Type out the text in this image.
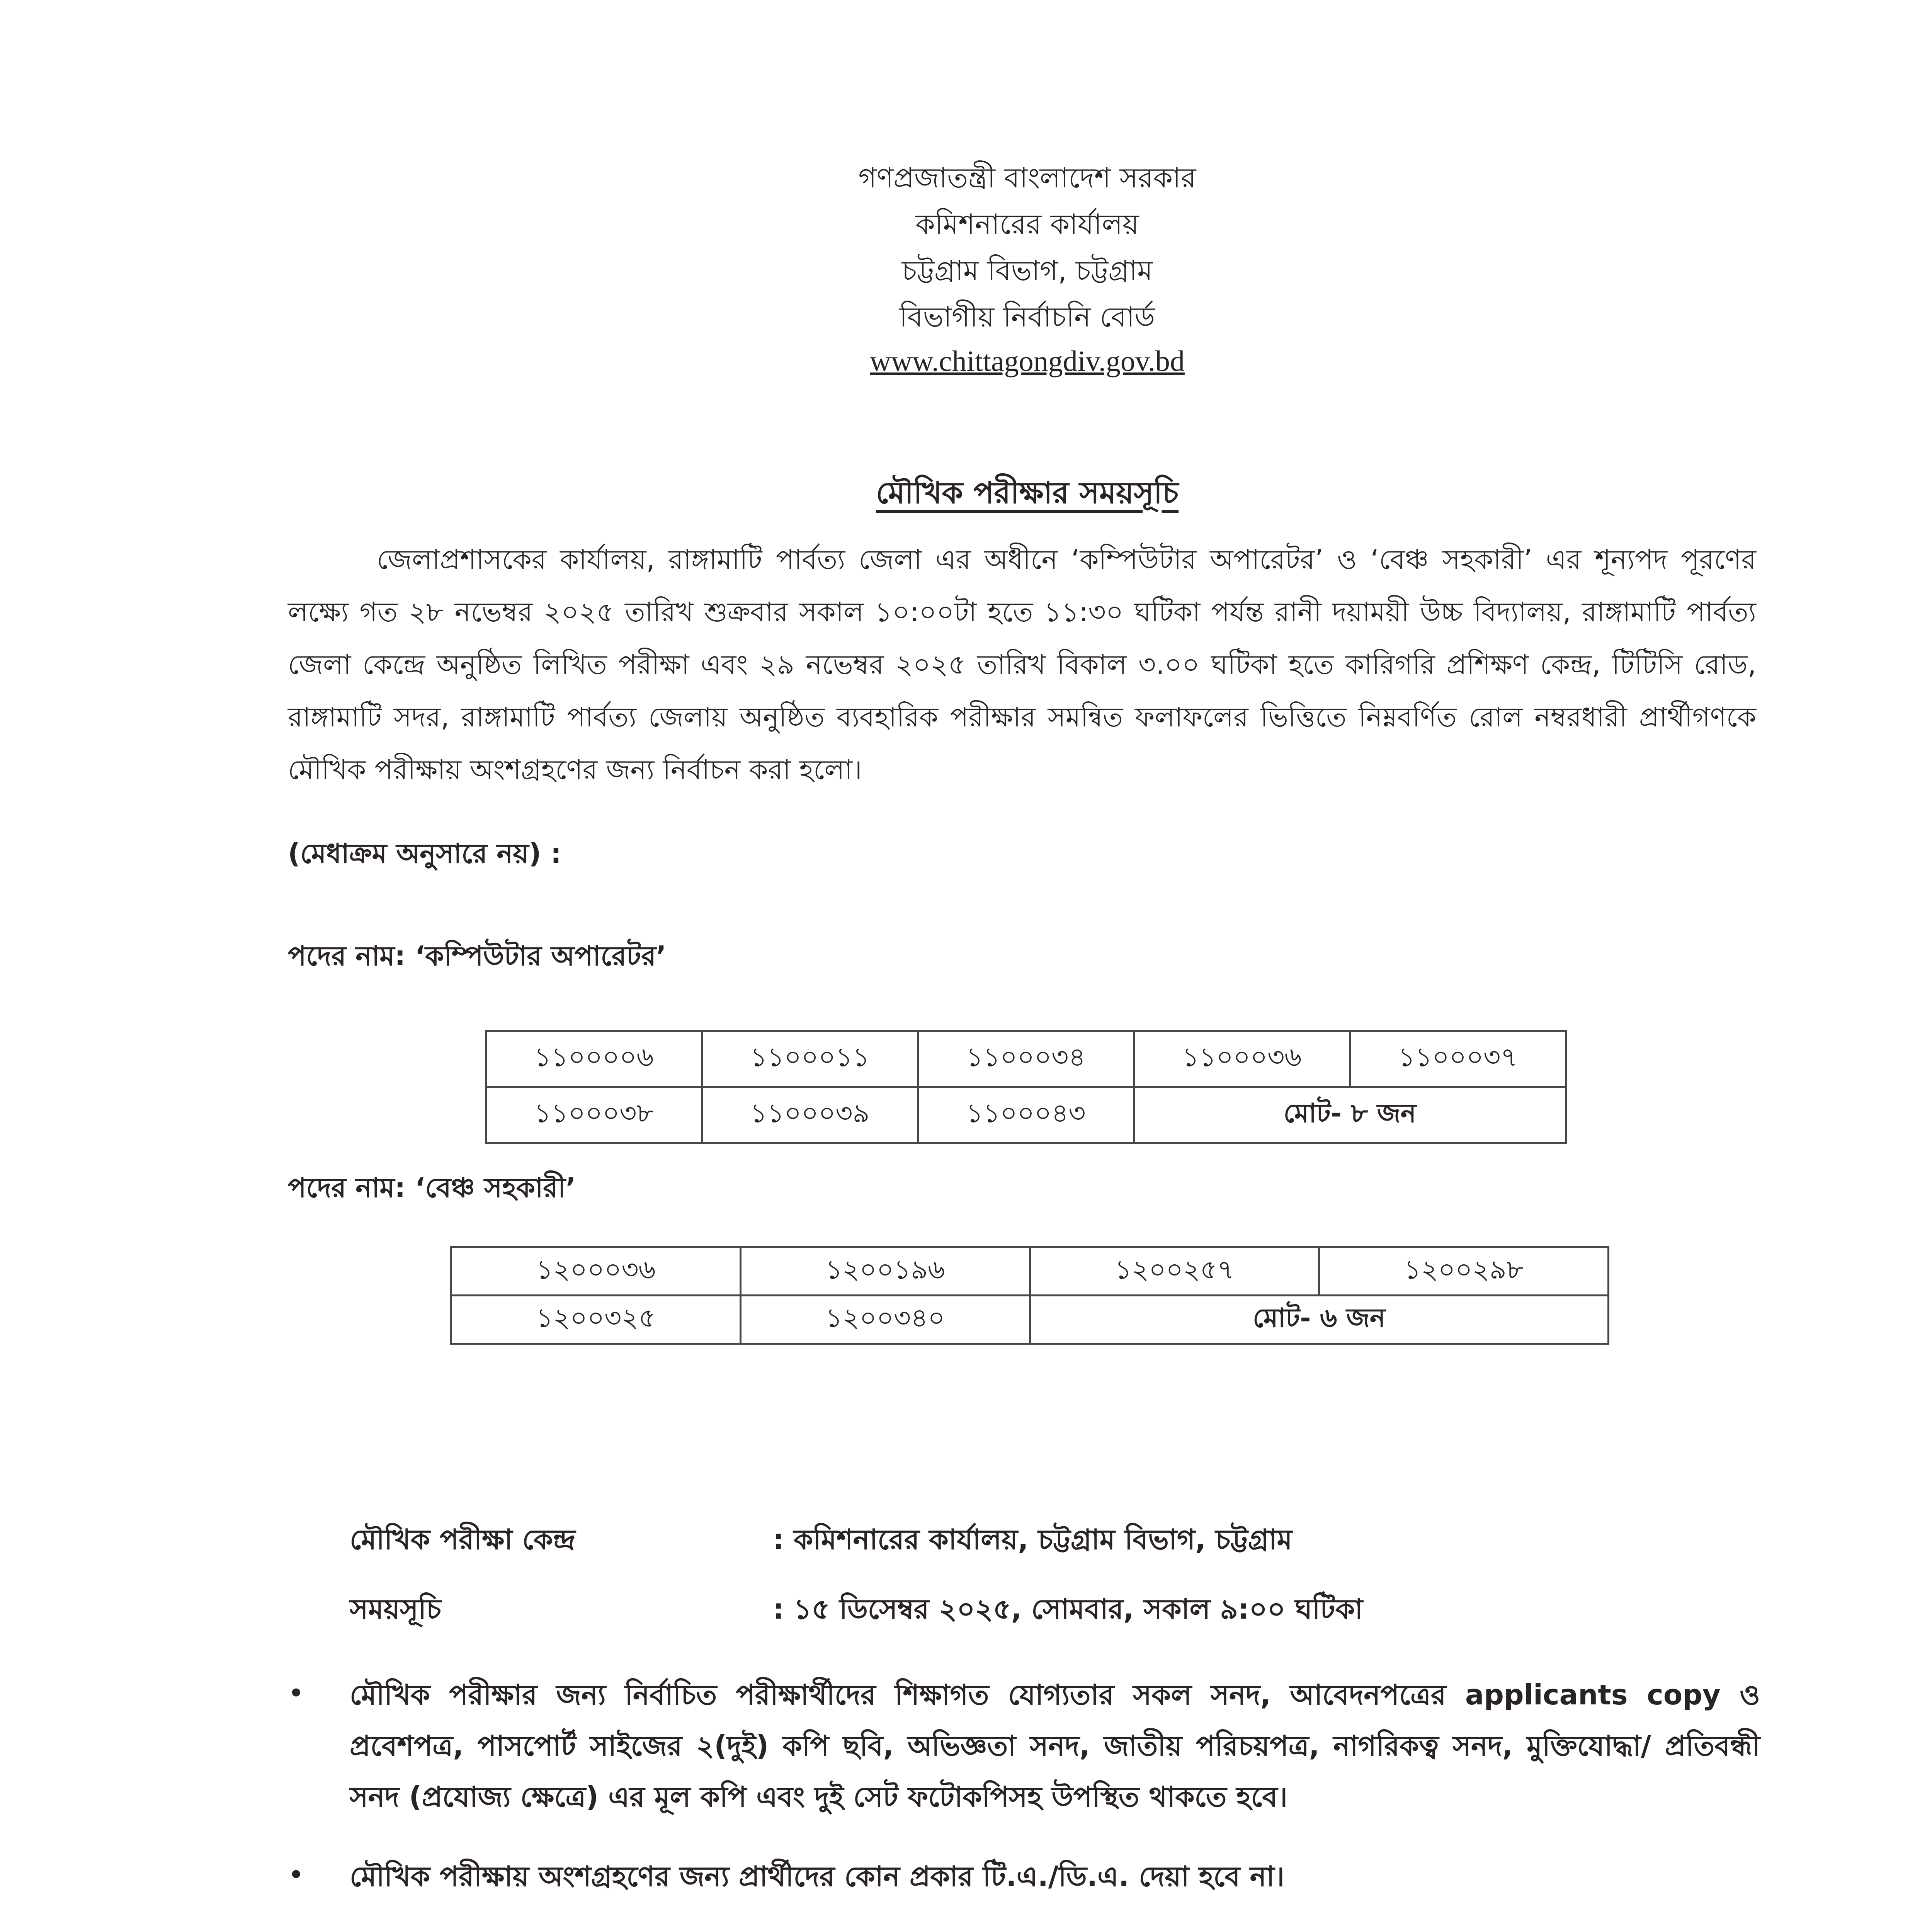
গণপ্রজাতন্ত্রী বাংলাদেশ সরকার
কমিশনারের কার্যালয়
চট্টগ্রাম বিভাগ, চট্টগ্রাম
বিভাগীয় নির্বাচনি বোর্ড
www.chittagongdiv.gov.bd
মৌখিক পরীক্ষার সময়সূচি
জেলাপ্রশাসকের কার্যালয়, রাঙ্গামাটি পার্বত্য জেলা এর অধীনে ‘কম্পিউটার অপারেটর’ ও ‘বেঞ্চ সহকারী’ এর শূন্যপদ পূরণের লক্ষ্যে গত ২৮ নভেম্বর ২০২৫ তারিখ শুক্রবার সকাল ১০:০০টা হতে ১১:৩০ ঘটিকা পর্যন্ত রানী দয়াময়ী উচ্চ বিদ্যালয়, রাঙ্গামাটি পার্বত্য জেলা কেন্দ্রে অনুষ্ঠিত লিখিত পরীক্ষা এবং ২৯ নভেম্বর ২০২৫ তারিখ বিকাল ৩.০০ ঘটিকা হতে কারিগরি প্রশিক্ষণ কেন্দ্র, টিটিসি রোড, রাঙ্গামাটি সদর, রাঙ্গামাটি পার্বত্য জেলায় অনুষ্ঠিত ব্যবহারিক পরীক্ষার সমন্বিত ফলাফলের ভিত্তিতে নিম্নবর্ণিত রোল নম্বরধারী প্রার্থীগণকে মৌখিক পরীক্ষায় অংশগ্রহণের জন্য নির্বাচন করা হলো।
(মেধাক্রম অনুসারে নয়) :
পদের নাম: ‘কম্পিউটার অপারেটর’
১১০০০০৬	১১০০০১১	১১০০০৩৪	১১০০০৩৬	১১০০০৩৭
১১০০০৩৮	১১০০০৩৯	১১০০০৪৩	মোট- ৮ জন	
পদের নাম: ‘বেঞ্চ সহকারী’
১২০০০৩৬	১২০০১৯৬	১২০০২৫৭	১২০০২৯৮
১২০০৩২৫	১২০০৩৪০	মোট- ৬ জন	
মৌখিক পরীক্ষা কেন্দ্র	: কমিশনারের কার্যালয়, চট্টগ্রাম বিভাগ, চট্টগ্রাম
সময়সূচি	: ১৫ ডিসেম্বর ২০২৫, সোমবার, সকাল ৯:০০ ঘটিকা
• মৌখিক পরীক্ষার জন্য নির্বাচিত পরীক্ষার্থীদের শিক্ষাগত যোগ্যতার সকল সনদ, আবেদনপত্রের applicants copy ও প্রবেশপত্র, পাসপোর্ট সাইজের ২(দুই) কপি ছবি, অভিজ্ঞতা সনদ, জাতীয় পরিচয়পত্র, নাগরিকত্ব সনদ, মুক্তিযোদ্ধা/ প্রতিবন্ধী সনদ (প্রযোজ্য ক্ষেত্রে) এর মূল কপি এবং দুই সেট ফটোকপিসহ উপস্থিত থাকতে হবে।
• মৌখিক পরীক্ষায় অংশগ্রহণের জন্য প্রার্থীদের কোন প্রকার টি.এ./ডি.এ. দেয়া হবে না।
